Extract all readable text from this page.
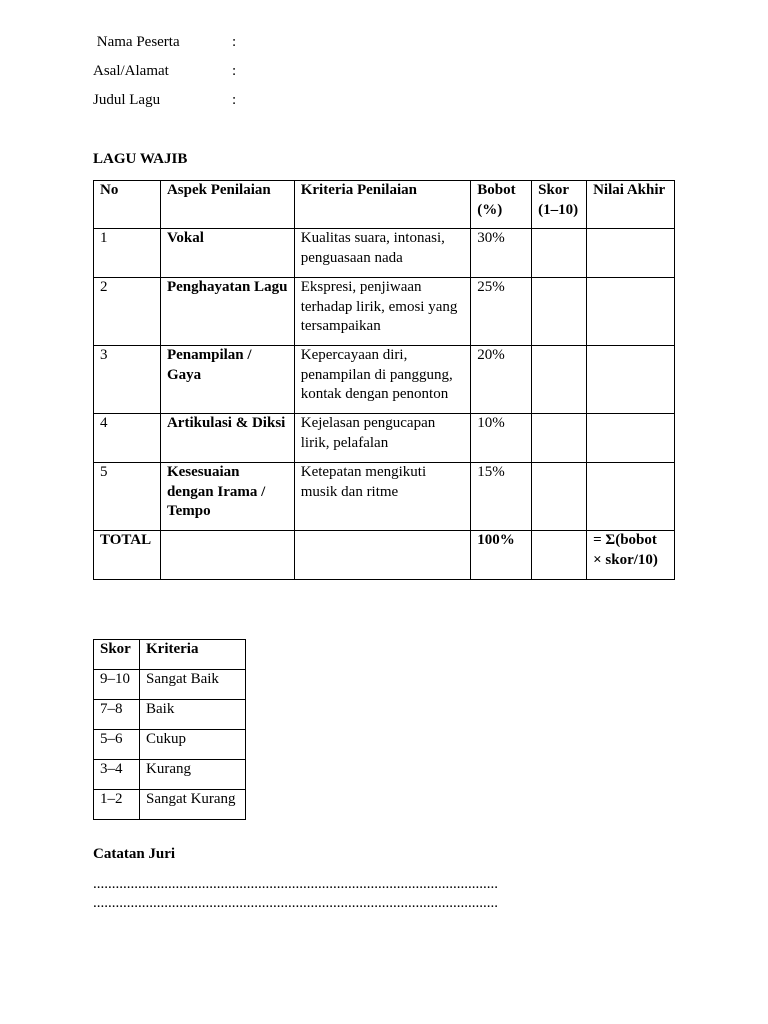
Nama Peserta	:
Asal/Alamat	:
Judul Lagu	:
LAGU WAJIB
No	Aspek Penilaian	Kriteria Penilaian	Bobot (%)	Skor (1–10)	Nilai Akhir
1	Vokal	Kualitas suara, intonasi, penguasaan nada	30%		
2	Penghayatan Lagu	Ekspresi, penjiwaan terhadap lirik, emosi yang tersampaikan	25%		
3	Penampilan / Gaya	Kepercayaan diri, penampilan di panggung, kontak dengan penonton	20%		
4	Artikulasi & Diksi	Kejelasan pengucapan lirik, pelafalan	10%		
5	Kesesuaian dengan Irama / Tempo	Ketepatan mengikuti musik dan ritme	15%		
TOTAL			100%		= Σ(bobot × skor/10)
Skor	Kriteria
9–10	Sangat Baik
7–8	Baik
5–6	Cukup
3–4	Kurang
1–2	Sangat Kurang
Catatan Juri
............................................................................................................
............................................................................................................
